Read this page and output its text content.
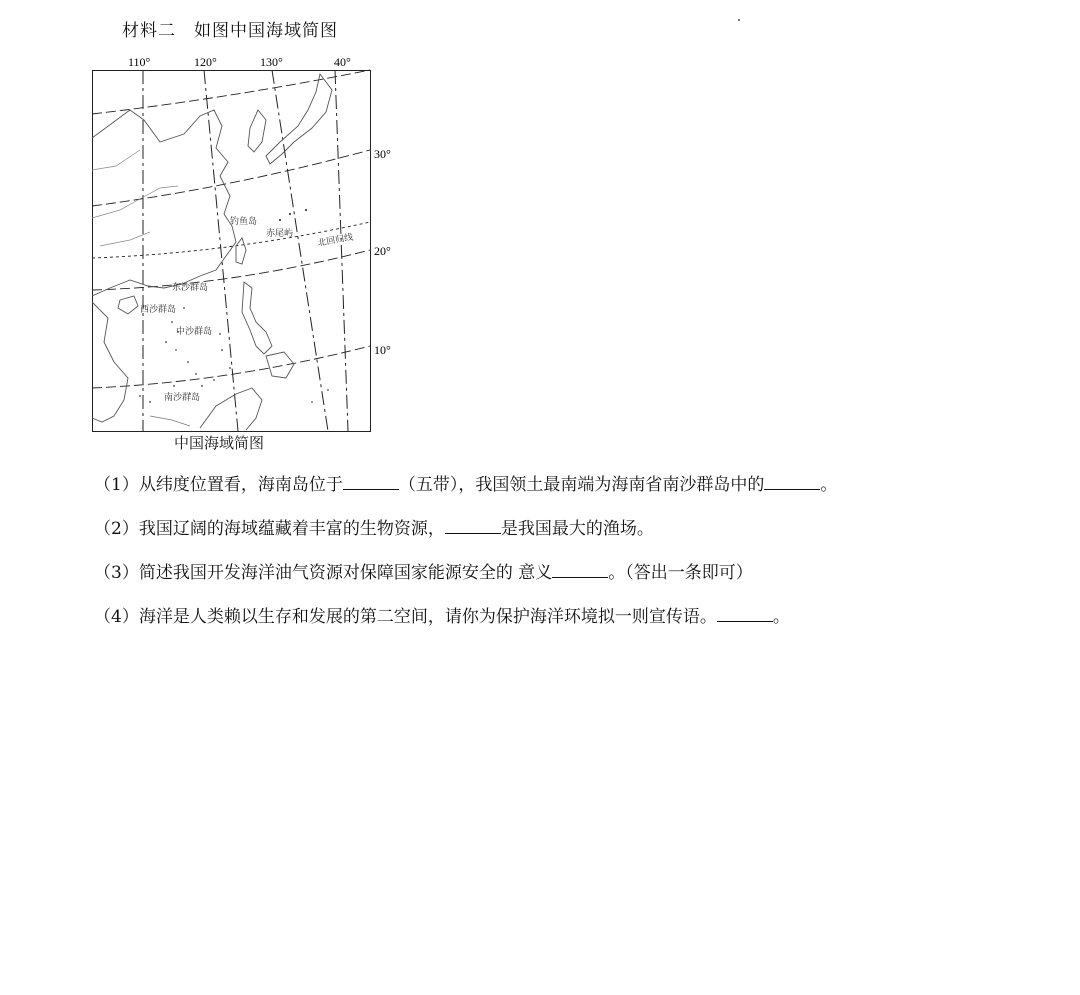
材料二　如图中国海域简图
110°	120°	130°	40°
30°
20°
10°
钓鱼岛
赤尾屿	北回归线
东沙群岛
西沙群岛
中沙群岛
南沙群岛
中国海域简图
（1）从纬度位置看，海南岛位于	（五带），我国领土最南端为海南省南沙群岛中的	。
（2）我国辽阔的海域蕴藏着丰富的生物资源，	是我国最大的渔场。
（3）简述我国开发海洋油气资源对保障国家能源安全的 意义	。（答出一条即可）
（4）海洋是人类赖以生存和发展的第二空间，请你为保护海洋环境拟一则宣传语。	。
